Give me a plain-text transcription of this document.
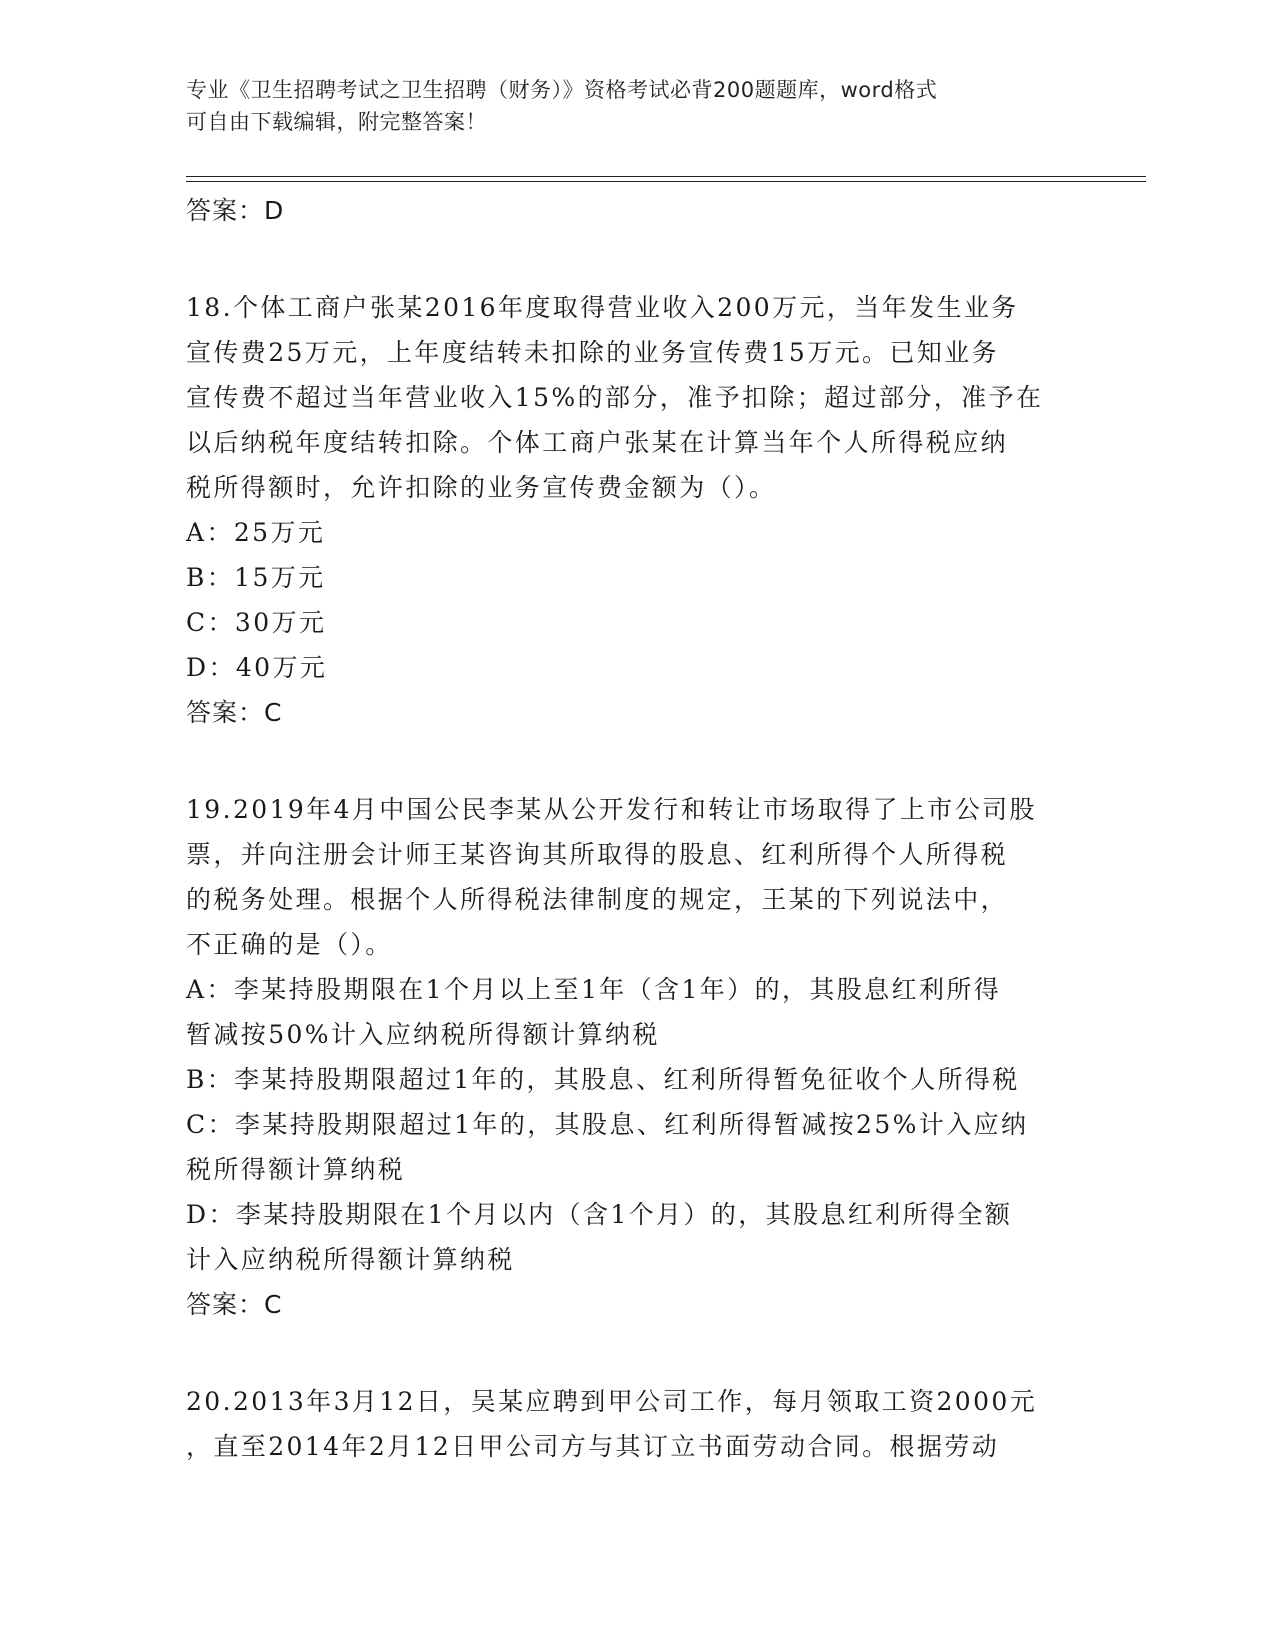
专业《卫生招聘考试之卫生招聘（财务）》资格考试必背200题题库，word格式
可自由下载编辑，附完整答案！

答案：D

18.个体工商户张某2016年度取得营业收入200万元，当年发生业务

宣传费25万元，上年度结转未扣除的业务宣传费15万元。已知业务

宣传费不超过当年营业收入15%的部分，准予扣除；超过部分，准予在

以后纳税年度结转扣除。个体工商户张某在计算当年个人所得税应纳

税所得额时，允许扣除的业务宣传费金额为（）。

A：25万元

B：15万元

C：30万元

D：40万元

答案：C

19.2019年4月中国公民李某从公开发行和转让市场取得了上市公司股

票，并向注册会计师王某咨询其所取得的股息、红利所得个人所得税

的税务处理。根据个人所得税法律制度的规定，王某的下列说法中，

不正确的是（）。

A：李某持股期限在1个月以上至1年（含1年）的，其股息红利所得

暂减按50%计入应纳税所得额计算纳税

B：李某持股期限超过1年的，其股息、红利所得暂免征收个人所得税

C：李某持股期限超过1年的，其股息、红利所得暂减按25%计入应纳

税所得额计算纳税

D：李某持股期限在1个月以内（含1个月）的，其股息红利所得全额

计入应纳税所得额计算纳税

答案：C

20.2013年3月12日，吴某应聘到甲公司工作，每月领取工资2000元

，直至2014年2月12日甲公司方与其订立书面劳动合同。根据劳动
